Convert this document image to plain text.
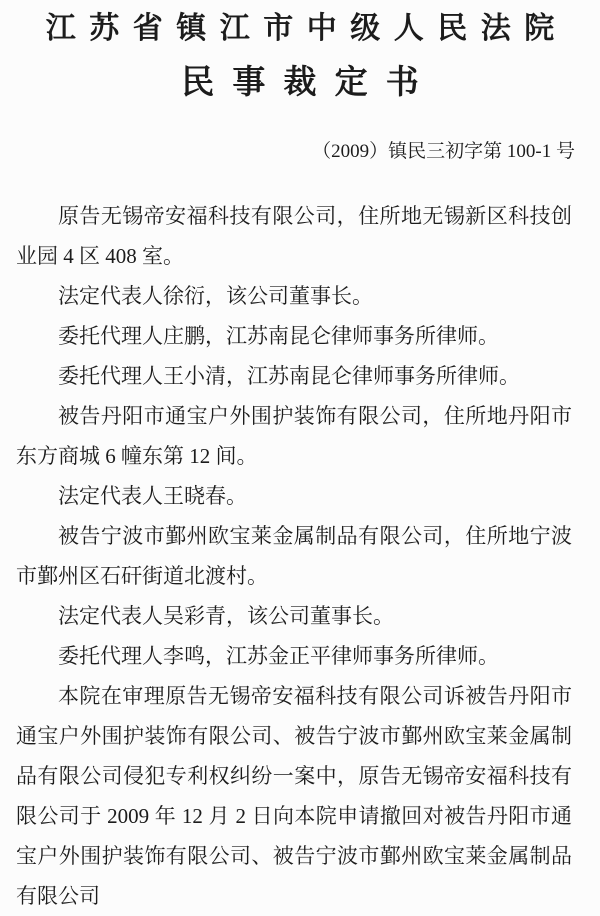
江苏省镇江市中级人民法院
民事裁定书
（2009）镇民三初字第 100-1 号

原告无锡帝安福科技有限公司，住所地无锡新区科技创业园 4 区 408 室。

法定代表人徐衍，该公司董事长。

委托代理人庄鹏，江苏南昆仑律师事务所律师。

委托代理人王小清，江苏南昆仑律师事务所律师。

被告丹阳市通宝户外围护装饰有限公司，住所地丹阳市东方商城 6 幢东第 12 间。

法定代表人王晓春。

被告宁波市鄞州欧宝莱金属制品有限公司，住所地宁波市鄞州区石矸街道北渡村。

法定代表人吴彩青，该公司董事长。

委托代理人李鸣，江苏金正平律师事务所律师。

本院在审理原告无锡帝安福科技有限公司诉被告丹阳市通宝户外围护装饰有限公司、被告宁波市鄞州欧宝莱金属制品有限公司侵犯专利权纠纷一案中，原告无锡帝安福科技有限公司于 2009 年 12 月 2 日向本院申请撤回对被告丹阳市通宝户外围护装饰有限公司、被告宁波市鄞州欧宝莱金属制品有限公司
